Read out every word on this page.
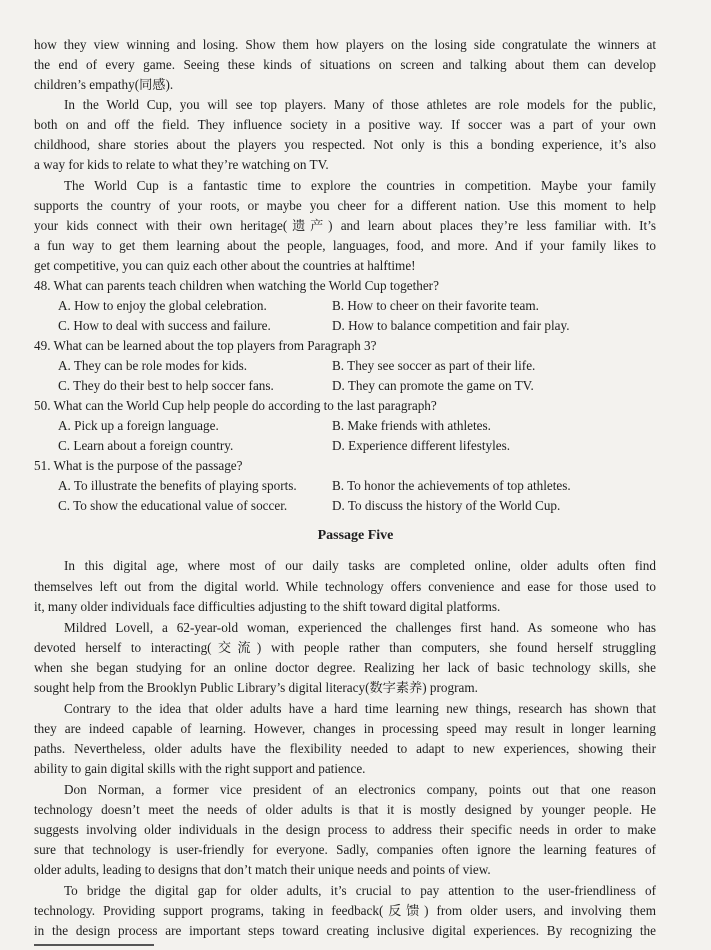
how they view winning and losing. Show them how players on the losing side congratulate the winners at
the end of every game. Seeing these kinds of situations on screen and talking about them can develop
children’s empathy(同感).
In the World Cup, you will see top players. Many of those athletes are role models for the public,
both on and off the field. They influence society in a positive way. If soccer was a part of your own
childhood, share stories about the players you respected. Not only is this a bonding experience, it’s also
a way for kids to relate to what they’re watching on TV.
The World Cup is a fantastic time to explore the countries in competition. Maybe your family
supports the country of your roots, or maybe you cheer for a different nation. Use this moment to help
your kids connect with their own heritage(遗产) and learn about places they’re less familiar with. It’s
a fun way to get them learning about the people, languages, food, and more. And if your family likes to
get competitive, you can quiz each other about the countries at halftime!
48. What can parents teach children when watching the World Cup together?
A. How to enjoy the global celebration.	B. How to cheer on their favorite team.
C. How to deal with success and failure.	D. How to balance competition and fair play.
49. What can be learned about the top players from Paragraph 3?
A. They can be role modes for kids.	B. They see soccer as part of their life.
C. They do their best to help soccer fans.	D. They can promote the game on TV.
50. What can the World Cup help people do according to the last paragraph?
A. Pick up a foreign language.	B. Make friends with athletes.
C. Learn about a foreign country.	D. Experience different lifestyles.
51. What is the purpose of the passage?
A. To illustrate the benefits of playing sports.	B. To honor the achievements of top athletes.
C. To show the educational value of soccer.	D. To discuss the history of the World Cup.
Passage Five
In this digital age, where most of our daily tasks are completed online, older adults often find
themselves left out from the digital world. While technology offers convenience and ease for those used to
it, many older individuals face difficulties adjusting to the shift toward digital platforms.
Mildred Lovell, a 62-year-old woman, experienced the challenges first hand. As someone who has
devoted herself to interacting(交流) with people rather than computers, she found herself struggling
when she began studying for an online doctor degree. Realizing her lack of basic technology skills, she
sought help from the Brooklyn Public Library’s digital literacy(数字素养) program.
Contrary to the idea that older adults have a hard time learning new things, research has shown that
they are indeed capable of learning. However, changes in processing speed may result in longer learning
paths. Nevertheless, older adults have the flexibility needed to adapt to new experiences, showing their
ability to gain digital skills with the right support and patience.
Don Norman, a former vice president of an electronics company, points out that one reason
technology doesn’t meet the needs of older adults is that it is mostly designed by younger people. He
suggests involving older individuals in the design process to address their specific needs in order to make
sure that technology is user-friendly for everyone. Sadly, companies often ignore the learning features of
older adults, leading to designs that don’t match their unique needs and points of view.
To bridge the digital gap for older adults, it’s crucial to pay attention to the user-friendliness of
technology. Providing support programs, taking in feedback(反馈) from older users, and involving them
in the design process are important steps toward creating inclusive digital experiences. By recognizing the
